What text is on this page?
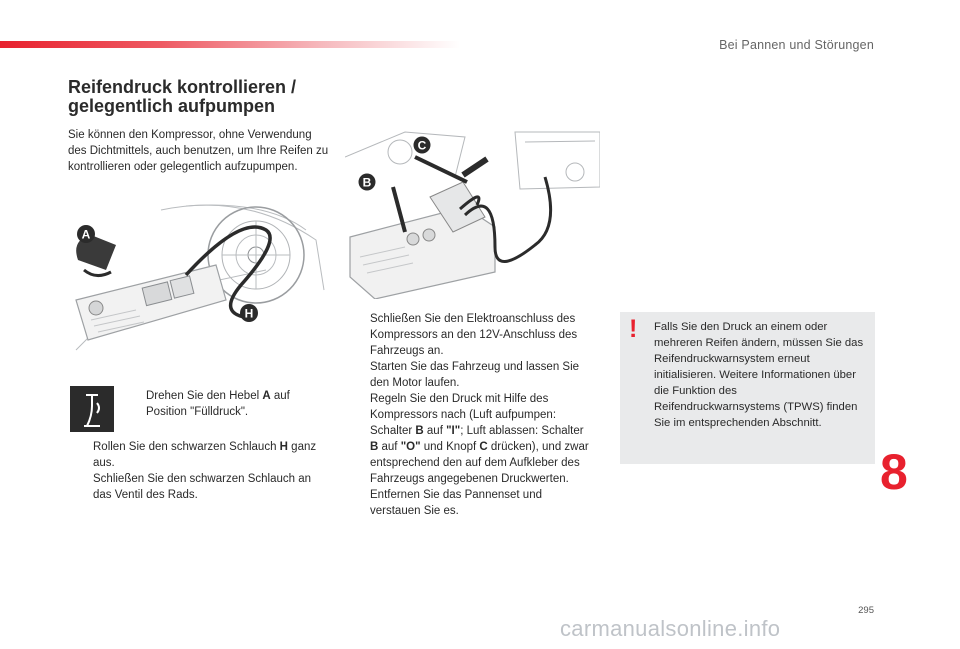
Bei Pannen und Störungen
Reifendruck kontrollieren /
gelegentlich aufpumpen

Sie können den Kompressor, ohne Verwendung des Dichtmittels, auch benutzen, um Ihre Reifen zu kontrollieren oder gelegentlich aufzupumpen.

A
H
B
C
Drehen Sie den Hebel A auf Position "Fülldruck".
Rollen Sie den schwarzen Schlauch H ganz aus.
Schließen Sie den schwarzen Schlauch an das Ventil des Rads.
Schließen Sie den Elektroanschluss des Kompressors an den 12V-Anschluss des Fahrzeugs an.
Starten Sie das Fahrzeug und lassen Sie den Motor laufen.
Regeln Sie den Druck mit Hilfe des Kompressors nach (Luft aufpumpen: Schalter B auf "I"; Luft ablassen: Schalter B auf "O" und Knopf C drücken), und zwar entsprechend den auf dem Aufkleber des Fahrzeugs angegebenen Druckwerten.
Entfernen Sie das Pannenset und verstauen Sie es.
! Falls Sie den Druck an einem oder mehreren Reifen ändern, müssen Sie das Reifendruckwarnsystem erneut initialisieren. Weitere Informationen über die Funktion des Reifendruckwarnsystems (TPWS) finden Sie im entsprechenden Abschnitt.

8
295
carmanualsonline.info
